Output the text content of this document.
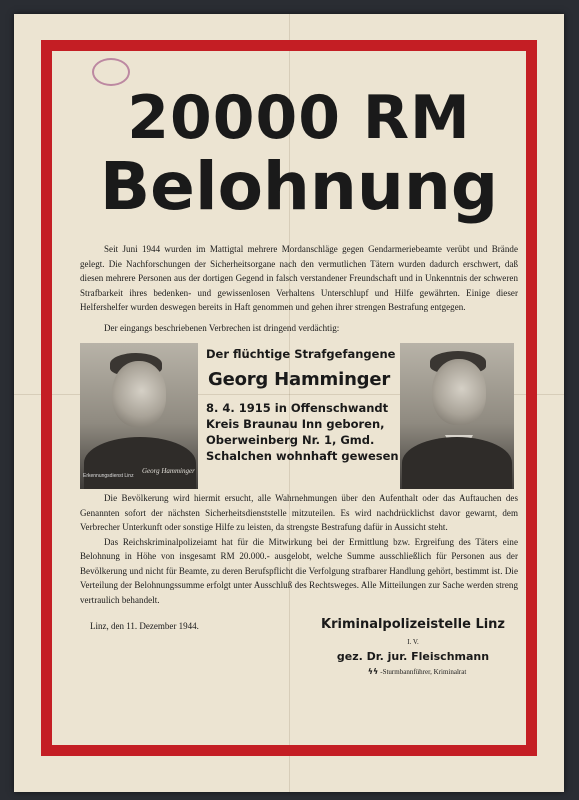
20000 RM
Belohnung

Seit Juni 1944 wurden im Mattigtal mehrere Mordanschläge gegen Gendarmeriebeamte verübt und Brände gelegt. Die Nachforschungen der Sicherheitsorgane nach den vermutlichen Tätern wurden dadurch erschwert, daß diesen mehrere Personen aus der dortigen Gegend in falsch verstandener Freundschaft und in Unkenntnis der schweren Strafbarkeit ihres bedenken- und gewissenlosen Verhaltens Unterschlupf und Hilfe gewährten. Einige dieser Helfershelfer wurden deswegen bereits in Haft genommen und gehen ihrer strengen Bestrafung entgegen.

Der eingangs beschriebenen Verbrechen ist dringend verdächtig:

Erkennungsdienst Linz
Georg Hamminger

Der flüchtige Strafgefangene

Georg Hamminger

8. 4. 1915 in Offenschwandt

Kreis Braunau Inn geboren,

Oberweinberg Nr. 1, Gmd.

Schalchen wohnhaft gewesen

Die Bevölkerung wird hiermit ersucht, alle Wahrnehmungen über den Aufenthalt oder das Auftauchen des Genannten sofort der nächsten Sicherheitsdienststelle mitzuteilen. Es wird nachdrücklichst davor gewarnt, dem Verbrecher Unterkunft oder sonstige Hilfe zu leisten, da strengste Bestrafung dafür in Aussicht steht.

Das Reichskriminalpolizeiamt hat für die Mitwirkung bei der Ermittlung bzw. Ergreifung des Täters eine Belohnung in Höhe von insgesamt RM 20.000.- ausgelobt, welche Summe ausschließlich für Personen aus der Bevölkerung und nicht für Beamte, zu deren Berufspflicht die Verfolgung strafbarer Handlung gehört, bestimmt ist. Die Verteilung der Belohnungssumme erfolgt unter Ausschluß des Rechtsweges. Alle Mitteilungen zur Sache werden streng vertraulich behandelt.

Linz, den 11. Dezember 1944.	Kriminalpolizeistelle Linz

I. V.

gez. Dr. jur. Fleischmann

ϟϟ -Sturmbannführer, Kriminalrat
